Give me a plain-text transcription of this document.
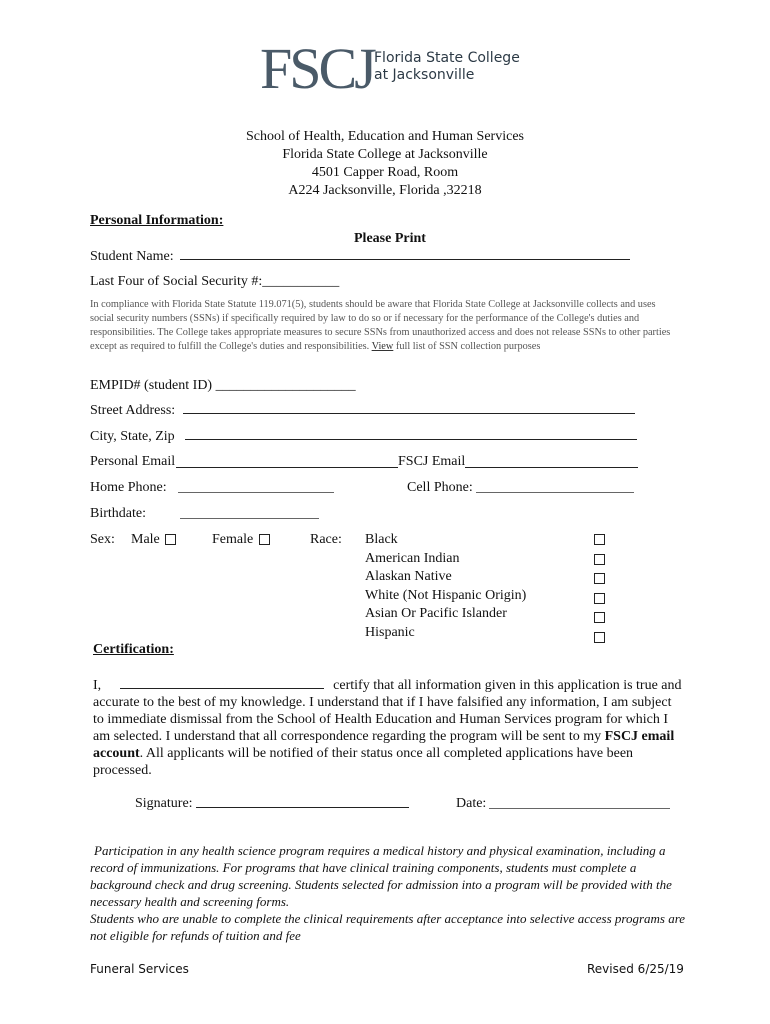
FSCJ Florida State College
at Jacksonville
School of Health, Education and Human Services
Florida State College at Jacksonville
4501 Capper Road, Room
A224 Jacksonville, Florida ,32218
Personal Information:
Please Print
Student Name:
Last Four of Social Security #:___________
In compliance with Florida State Statute 119.071(5), students should be aware that Florida State College at Jacksonville collects and uses social security numbers (SSNs) if specifically required by law to do so or if necessary for the performance of the College's duties and responsibilities. The College takes appropriate measures to secure SSNs from unauthorized access and does not release SSNs to other parties except as required to fulfill the College's duties and responsibilities. View full list of SSN collection purposes
EMPID# (student ID) ____________________
Street Address:
City, State, Zip
Personal Email	FSCJ Email
Home Phone:	Cell Phone:
Birthdate:
Sex: Male	Female	Race: Black
American Indian
Alaskan Native
White (Not Hispanic Origin)
Asian Or Pacific Islander
Hispanic
Certification:
I,	certify that all information given in this application is true and accurate to the best of my knowledge. I understand that if I have falsified any information, I am subject to immediate dismissal from the School of Health Education and Human Services program for which I am selected. I understand that all correspondence regarding the program will be sent to my FSCJ email account. All applicants will be notified of their status once all completed applications have been processed.
Signature:	Date:
Participation in any health science program requires a medical history and physical examination, including a record of immunizations. For programs that have clinical training components, students must complete a background check and drug screening. Students selected for admission into a program will be provided with the necessary health and screening forms.
Students who are unable to complete the clinical requirements after acceptance into selective access programs are not eligible for refunds of tuition and fee
Funeral Services	Revised 6/25/19
